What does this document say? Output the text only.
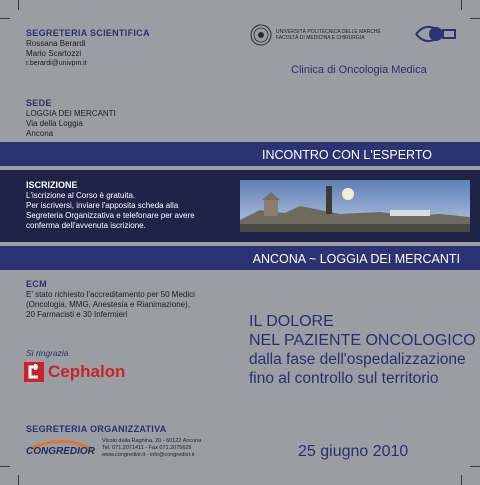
SEGRETERIA SCIENTIFICA
Rossana Berardi
Mario Scartozzi
r.berardi@univpm.it
UNIVERSITÀ POLITECNICA DELLE MARCHE
FACOLTÀ DI MEDICINA E CHIRURGIA
Clinica di Oncologia Medica
SEDE
LOGGIA DEI MERCANTI
Via della Loggia
Ancona
INCONTRO CON L'ESPERTO
ISCRIZIONE
L'iscrizione al Corso è gratuita.
Per iscriversi, inviare l'apposita scheda alla
Segreteria Organizzativa e telefonare per avere
conferma dell'avvenuta iscrizione.
ANCONA ~ LOGGIA DEI MERCANTI
ECM
E' stato richiesto l'accreditamento per 50 Medici
(Oncologia, MMG, Anestesia e Rianimazione),
20 Farmacisti e 30 Infermieri	IL DOLORE
NEL PAZIENTE ONCOLOGICO
dalla fase dell'ospedalizzazione
fino al controllo sul territorio
Si ringrazia
Cephalon
SEGRETERIA ORGANIZZATIVA
CONGREDIOR
Vicolo della Ragnina, 20 - 60122 Ancona
Tel. 071.2071411 - Fax 071.2075629
www.congredior.it - info@congredior.it	25 giugno 2010
